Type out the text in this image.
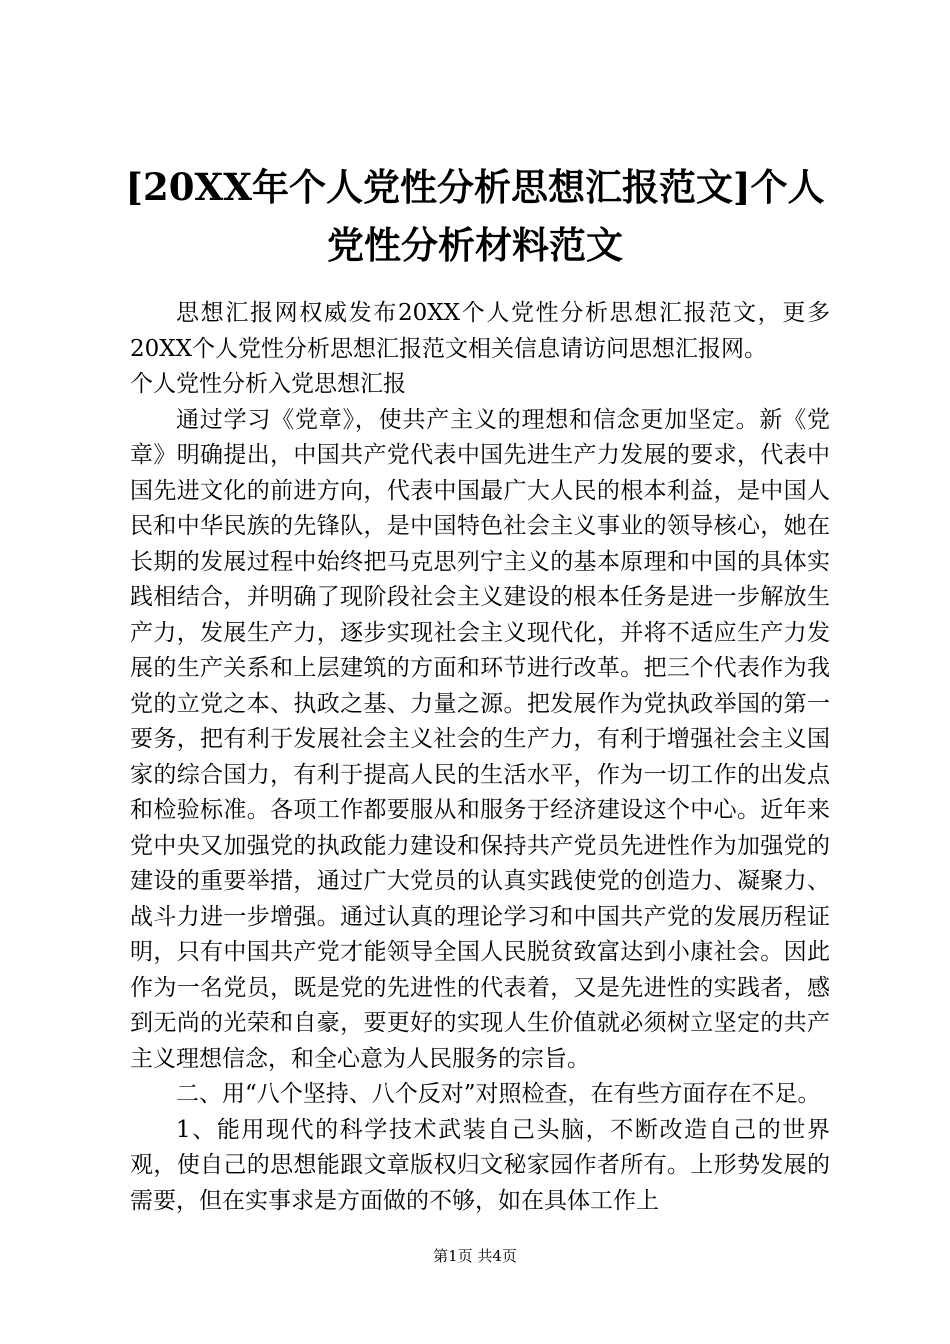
[20XX年个人党性分析思想汇报范文]个人党性分析材料范文

思想汇报网权威发布20XX个人党性分析思想汇报范文，更多20XX个人党性分析思想汇报范文相关信息请访问思想汇报网。

个人党性分析入党思想汇报

通过学习《党章》，使共产主义的理想和信念更加坚定。新《党章》明确提出，中国共产党代表中国先进生产力发展的要求，代表中国先进文化的前进方向，代表中国最广大人民的根本利益，是中国人民和中华民族的先锋队，是中国特色社会主义事业的领导核心，她在长期的发展过程中始终把马克思列宁主义的基本原理和中国的具体实践相结合，并明确了现阶段社会主义建设的根本任务是进一步解放生产力，发展生产力，逐步实现社会主义现代化，并将不适应生产力发展的生产关系和上层建筑的方面和环节进行改革。把三个代表作为我党的立党之本、执政之基、力量之源。把发展作为党执政举国的第一要务，把有利于发展社会主义社会的生产力，有利于增强社会主义国家的综合国力，有利于提高人民的生活水平，作为一切工作的出发点和检验标准。各项工作都要服从和服务于经济建设这个中心。近年来党中央又加强党的执政能力建设和保持共产党员先进性作为加强党的建设的重要举措，通过广大党员的认真实践使党的创造力、凝聚力、战斗力进一步增强。通过认真的理论学习和中国共产党的发展历程证明，只有中国共产党才能领导全国人民脱贫致富达到小康社会。因此作为一名党员，既是党的先进性的代表着，又是先进性的实践者，感到无尚的光荣和自豪，要更好的实现人生价值就必须树立坚定的共产主义理想信念，和全心意为人民服务的宗旨。

二、用“八个坚持、八个反对”对照检查，在有些方面存在不足。

1、能用现代的科学技术武装自己头脑，不断改造自己的世界观，使自己的思想能跟文章版权归文秘家园作者所有。上形势发展的需要，但在实事求是方面做的不够，如在具体工作上

第1页 共4页
